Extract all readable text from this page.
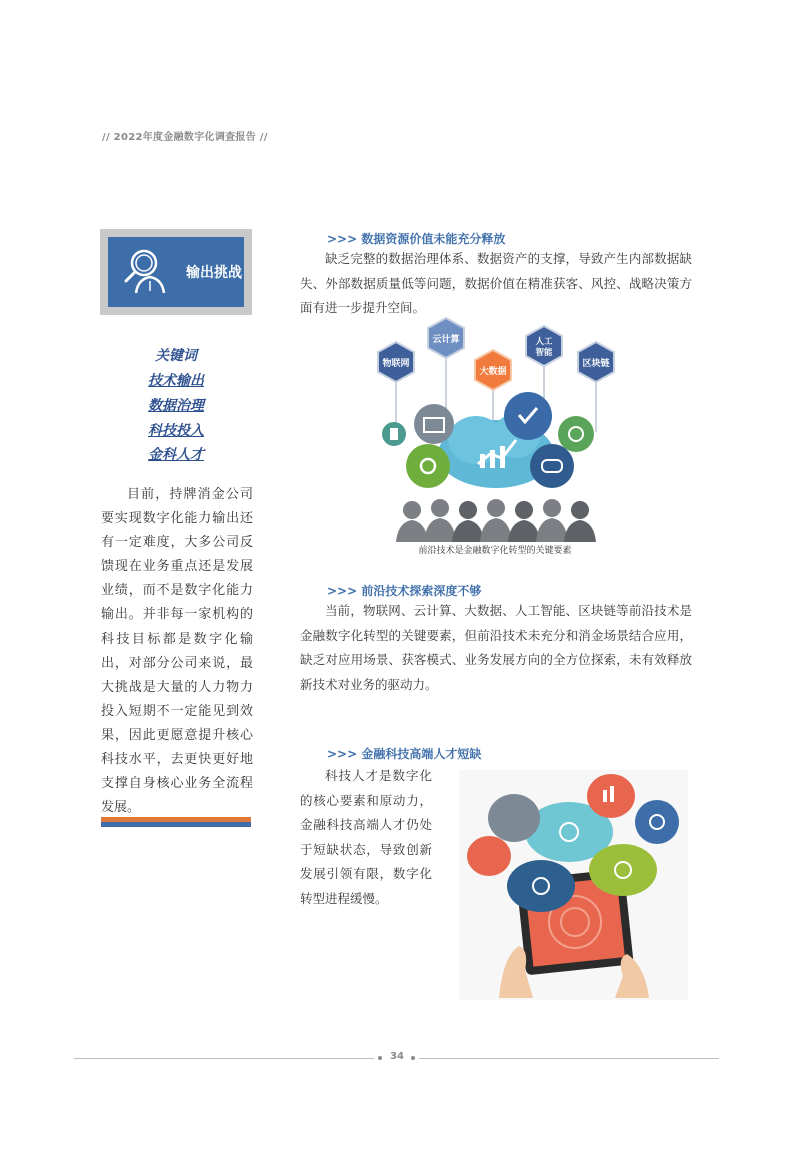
// 2022年度金融数字化调查报告 //
输出挑战
关键词
技术输出
数据治理
科技投入
金科人才
目前，持牌消金公司要实现数字化能力输出还有一定难度，大多公司反馈现在业务重点还是发展业绩，而不是数字化能力输出。并非每一家机构的科技目标都是数字化输出，对部分公司来说，最大挑战是大量的人力物力投入短期不一定能见到效果，因此更愿意提升核心科技水平，去更快更好地支撑自身核心业务全流程发展。
>>> 数据资源价值未能充分释放
缺乏完整的数据治理体系、数据资产的支撑，导致产生内部数据缺失、外部数据质量低等问题，数据价值在精准获客、风控、战略决策方面有进一步提升空间。
物联网
云计算
大数据
人工
智能
区块链
前沿技术是金融数字化转型的关键要素
>>> 前沿技术探索深度不够
当前，物联网、云计算、大数据、人工智能、区块链等前沿技术是金融数字化转型的关键要素，但前沿技术未充分和消金场景结合应用，缺乏对应用场景、获客模式、业务发展方向的全方位探索，未有效释放新技术对业务的驱动力。
>>> 金融科技高端人才短缺
科技人才是数字化的核心要素和原动力，金融科技高端人才仍处于短缺状态，导致创新发展引领有限，数字化转型进程缓慢。
34
